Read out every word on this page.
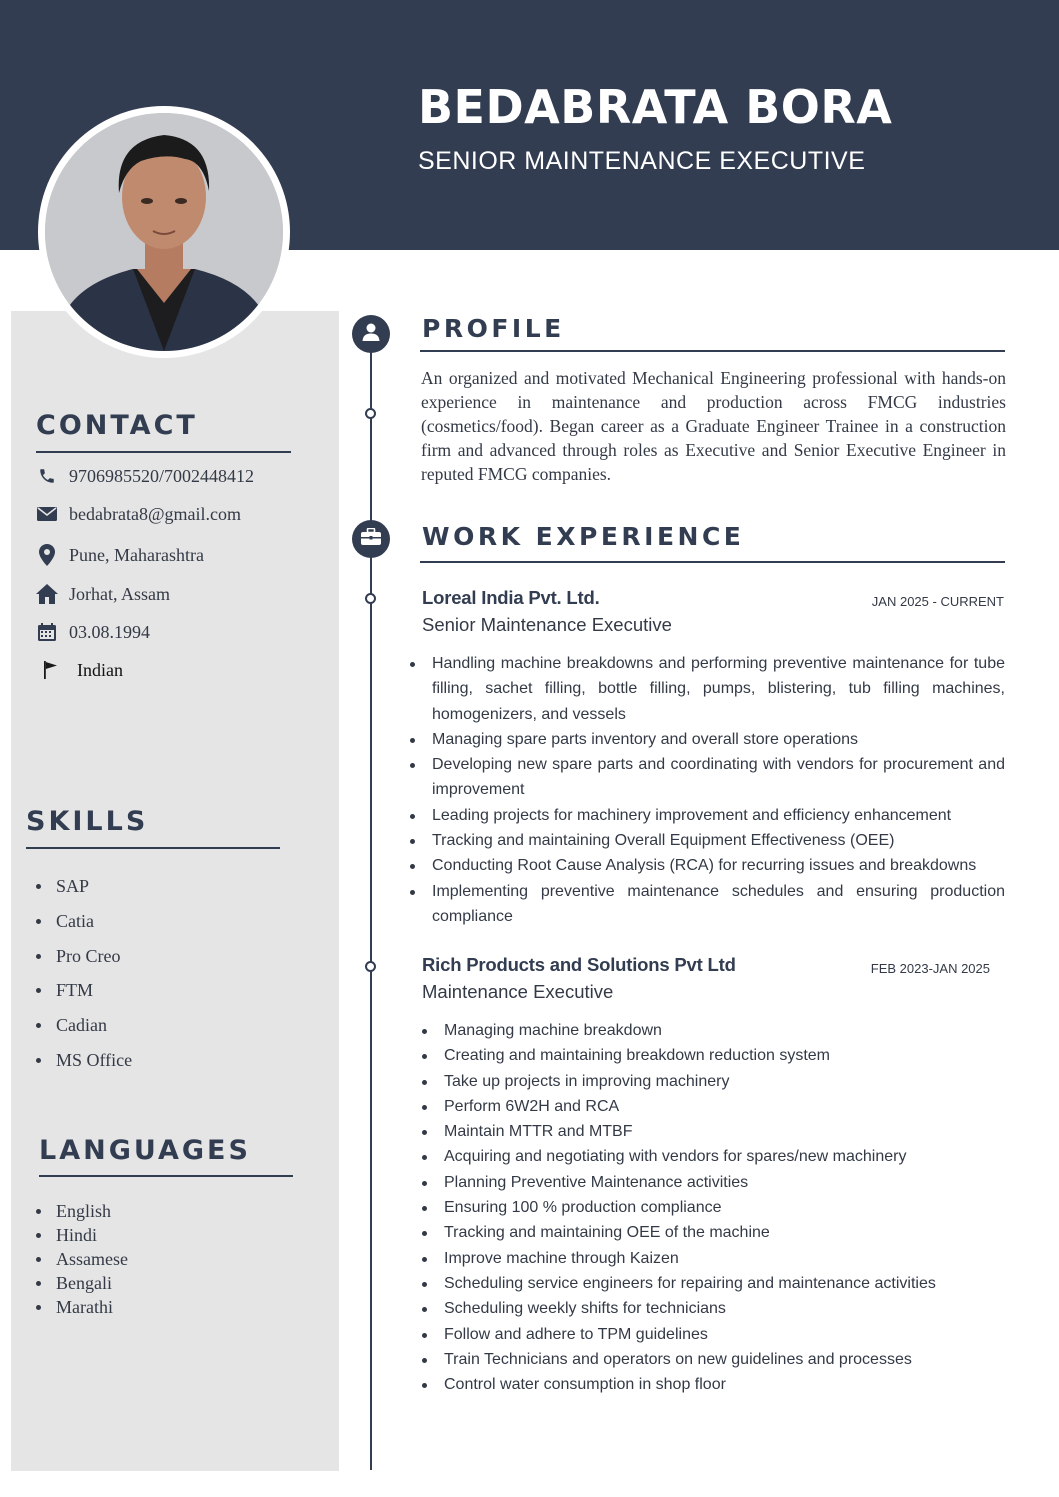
BEDABRATA BORA
SENIOR MAINTENANCE EXECUTIVE
CONTACT
9706985520/7002448412
bedabrata8@gmail.com
Pune, Maharashtra
Jorhat, Assam
03.08.1994
Indian
SKILLS
SAP
Catia
Pro Creo
FTM
Cadian
MS Office
LANGUAGES
English
Hindi
Assamese
Bengali
Marathi
PROFILE
An organized and motivated Mechanical Engineering professional with hands-on experience in maintenance and production across FMCG industries (cosmetics/food). Began career as a Graduate Engineer Trainee in a construction firm and advanced through roles as Executive and Senior Executive Engineer in reputed FMCG companies.
WORK EXPERIENCE
Loreal India Pvt. Ltd.	JAN 2025 - CURRENT
Senior Maintenance Executive
Handling machine breakdowns and performing preventive maintenance for tube filling, sachet filling, bottle filling, pumps, blistering, tub filling machines, homogenizers, and vessels
Managing spare parts inventory and overall store operations
Developing new spare parts and coordinating with vendors for procurement and improvement
Leading projects for machinery improvement and efficiency enhancement
Tracking and maintaining Overall Equipment Effectiveness (OEE)
Conducting Root Cause Analysis (RCA) for recurring issues and breakdowns
Implementing preventive maintenance schedules and ensuring production compliance
Rich Products and Solutions Pvt Ltd	FEB 2023-JAN 2025
Maintenance Executive
Managing machine breakdown
Creating and maintaining breakdown reduction system
Take up projects in improving machinery
Perform 6W2H and RCA
Maintain MTTR and MTBF
Acquiring and negotiating with vendors for spares/new machinery
Planning Preventive Maintenance activities
Ensuring 100 % production compliance
Tracking and maintaining OEE of the machine
Improve machine through Kaizen
Scheduling service engineers for repairing and maintenance activities
Scheduling weekly shifts for technicians
Follow and adhere to TPM guidelines
Train Technicians and operators on new guidelines and processes
Control water consumption in shop floor
